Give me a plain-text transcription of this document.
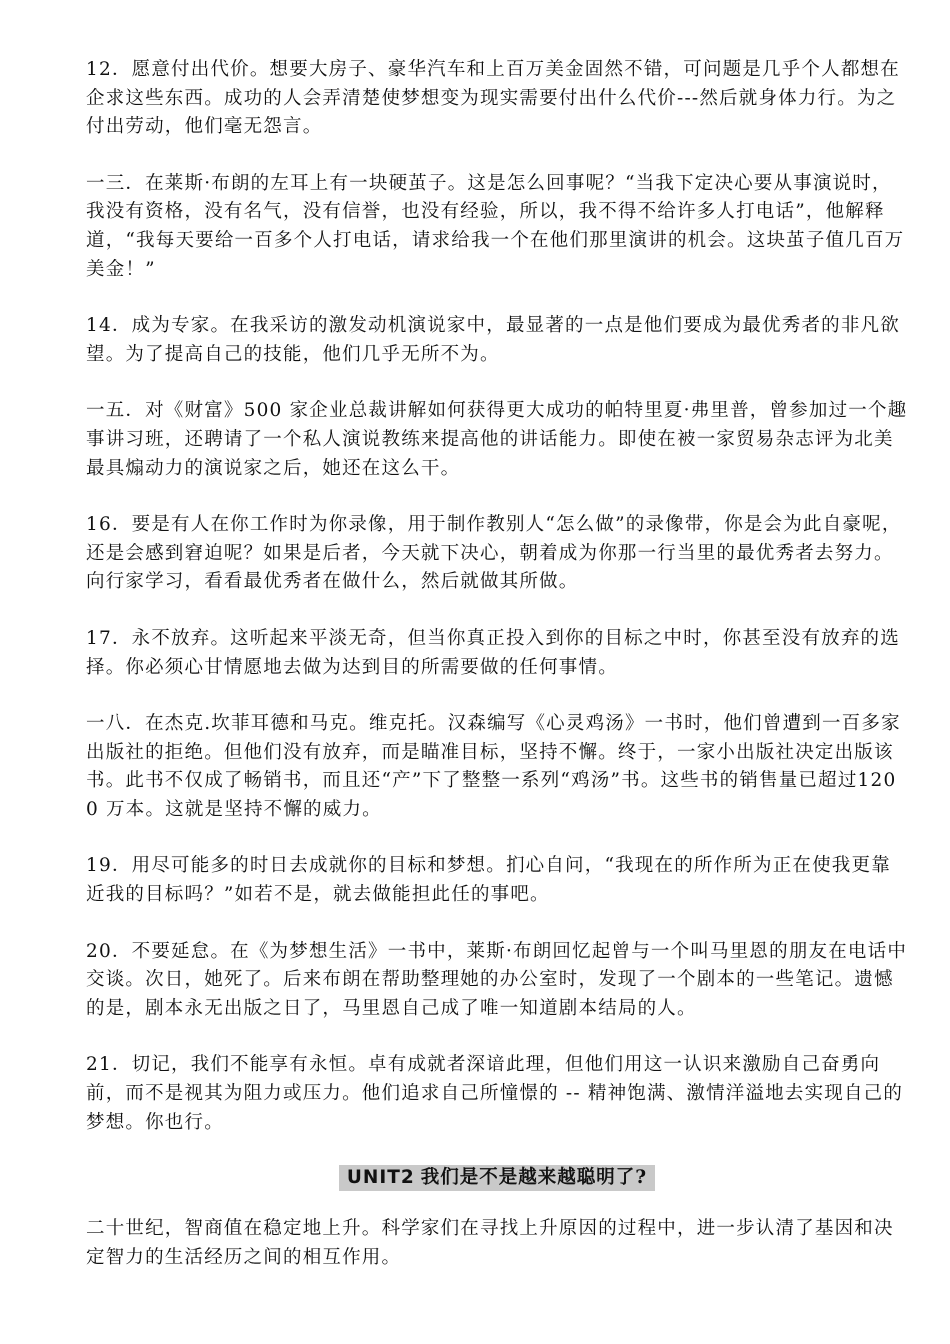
12．愿意付出代价。想要大房子、豪华汽车和上百万美金固然不错，可问题是几乎个人都想在企求这些东西。成功的人会弄清楚使梦想变为现实需要付出什么代价---然后就身体力行。为之付出劳动，他们毫无怨言。

一三．在莱斯·布朗的左耳上有一块硬茧子。这是怎么回事呢？“当我下定决心要从事演说时，我没有资格，没有名气，没有信誉，也没有经验，所以，我不得不给许多人打电话”，他解释道，“我每天要给一百多个人打电话，请求给我一个在他们那里演讲的机会。这块茧子值几百万美金！”

14．成为专家。在我采访的激发动机演说家中，最显著的一点是他们要成为最优秀者的非凡欲望。为了提高自己的技能，他们几乎无所不为。

一五．对《财富》500 家企业总裁讲解如何获得更大成功的帕特里夏·弗里普，曾参加过一个趣事讲习班，还聘请了一个私人演说教练来提高他的讲话能力。即使在被一家贸易杂志评为北美最具煽动力的演说家之后，她还在这么干。

16．要是有人在你工作时为你录像，用于制作教别人“怎么做”的录像带，你是会为此自豪呢，还是会感到窘迫呢？如果是后者，今天就下决心，朝着成为你那一行当里的最优秀者去努力。向行家学习，看看最优秀者在做什么，然后就做其所做。

17．永不放弃。这听起来平淡无奇，但当你真正投入到你的目标之中时，你甚至没有放弃的选择。你必须心甘情愿地去做为达到目的所需要做的任何事情。

一八．在杰克.坎菲耳德和马克。维克托。汉森编写《心灵鸡汤》一书时，他们曾遭到一百多家出版社的拒绝。但他们没有放弃，而是瞄准目标，坚持不懈。终于，一家小出版社决定出版该书。此书不仅成了畅销书，而且还“产”下了整整一系列“鸡汤”书。这些书的销售量已超过1200 万本。这就是坚持不懈的威力。

19．用尽可能多的时日去成就你的目标和梦想。扪心自问，“我现在的所作所为正在使我更靠近我的目标吗？”如若不是，就去做能担此任的事吧。

20．不要延怠。在《为梦想生活》一书中，莱斯·布朗回忆起曾与一个叫马里恩的朋友在电话中交谈。次日，她死了。后来布朗在帮助整理她的办公室时，发现了一个剧本的一些笔记。遗憾的是，剧本永无出版之日了，马里恩自己成了唯一知道剧本结局的人。

21．切记，我们不能享有永恒。卓有成就者深谙此理，但他们用这一认识来激励自己奋勇向前，而不是视其为阻力或压力。他们追求自己所憧憬的 -- 精神饱满、激情洋溢地去实现自己的梦想。你也行。

UNIT2 我们是不是越来越聪明了?

二十世纪，智商值在稳定地上升。科学家们在寻找上升原因的过程中，进一步认清了基因和决定智力的生活经历之间的相互作用。
